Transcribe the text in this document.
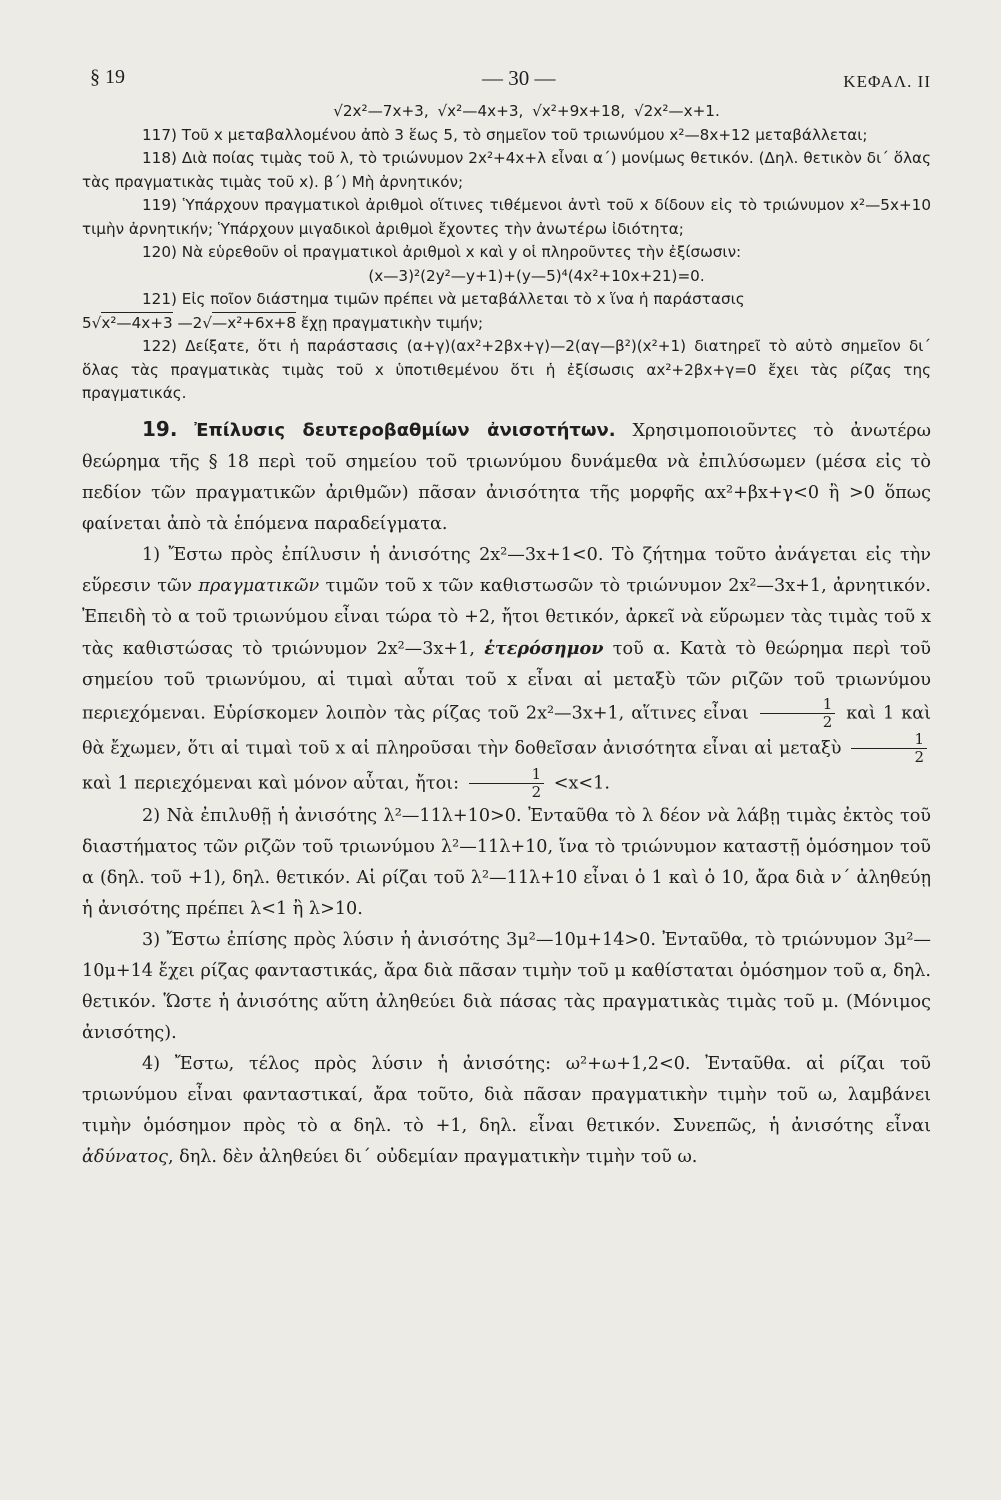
§ 19	— 30 —	ΚΕΦΑΛ. II

√2x²—7x+3, √x²—4x+3, √x²+9x+18, √2x²—x+1.

117) Τοῦ x μεταβαλλομένου ἀπὸ 3 ἕως 5, τὸ σημεῖον τοῦ τριωνύμου x²—8x+12 μεταβάλλεται;

118) Διὰ ποίας τιμὰς τοῦ λ, τὸ τριώνυμον 2x²+4x+λ εἶναι α΄) μονίμως θετικόν. (Δηλ. θετικὸν δι΄ ὅλας τὰς πραγματικὰς τιμὰς τοῦ x). β΄) Μὴ ἀρνητικόν;

119) Ὑπάρχουν πραγματικοὶ ἀριθμοὶ οἵτινες τιθέμενοι ἀντὶ τοῦ x δίδουν εἰς τὸ τριώνυμον x²—5x+10 τιμὴν ἀρνητικήν; Ὑπάρχουν μιγαδικοὶ ἀριθμοὶ ἔχοντες τὴν ἀνωτέρω ἰδιότητα;

120) Νὰ εὑρεθοῦν οἱ πραγματικοὶ ἀριθμοὶ x καὶ y οἱ πληροῦντες τὴν ἐξίσωσιν:

(x—3)²(2y²—y+1)+(y—5)⁴(4x²+10x+21)=0.

121) Εἰς ποῖον διάστημα τιμῶν πρέπει νὰ μεταβάλλεται τὸ x ἵνα ἡ παράστασις

5√x²—4x+3 —2√—x²+6x+8 ἔχῃ πραγματικὴν τιμήν;

122) Δείξατε, ὅτι ἡ παράστασις (α+γ)(αx²+2βx+γ)—2(αγ—β²)(x²+1) διατηρεῖ τὸ αὐτὸ σημεῖον δι΄ ὅλας τὰς πραγματικὰς τιμὰς τοῦ x ὑποτιθεμένου ὅτι ἡ ἐξίσωσις αx²+2βx+γ=0 ἔχει τὰς ρίζας της πραγματικάς.

19. Ἐπίλυσις δευτεροβαθμίων ἀνισοτήτων. Χρησιμοποιοῦντες τὸ ἀνωτέρω θεώρημα τῆς § 18 περὶ τοῦ σημείου τοῦ τριωνύμου δυνάμεθα νὰ ἐπιλύσωμεν (μέσα εἰς τὸ πεδίον τῶν πραγματικῶν ἀριθμῶν) πᾶσαν ἀνισότητα τῆς μορφῆς αx²+βx+γ<0 ἢ >0 ὅπως φαίνεται ἀπὸ τὰ ἑπόμενα παραδείγματα.

1) Ἔστω πρὸς ἐπίλυσιν ἡ ἀνισότης 2x²—3x+1<0. Τὸ ζήτημα τοῦτο ἀνάγεται εἰς τὴν εὕρεσιν τῶν πραγματικῶν τιμῶν τοῦ x τῶν καθιστωσῶν τὸ τριώνυμον 2x²—3x+1, ἀρνητικόν. Ἐπειδὴ τὸ α τοῦ τριωνύμου εἶναι τώρα τὸ +2, ἤτοι θετικόν, ἀρκεῖ νὰ εὕρωμεν τὰς τιμὰς τοῦ x τὰς καθιστώσας τὸ τριώνυμον 2x²—3x+1, ἑτερόσημον τοῦ α. Κατὰ τὸ θεώρημα περὶ τοῦ σημείου τοῦ τριωνύμου, αἱ τιμαὶ αὗται τοῦ x εἶναι αἱ μεταξὺ τῶν ριζῶν τοῦ τριωνύμου περιεχόμεναι. Εὑρίσκομεν λοιπὸν τὰς ρίζας τοῦ 2x²—3x+1, αἵτινες εἶναι $\frac{1}{2}$ καὶ 1 καὶ θὰ ἔχωμεν, ὅτι αἱ τιμαὶ τοῦ x αἱ πληροῦσαι τὴν δοθεῖσαν ἀνισότητα εἶναι αἱ μεταξὺ $\frac{1}{2}$
καὶ 1 περιεχόμεναι καὶ μόνον αὗται, ἤτοι: $\frac{1}{2} <x<1$.

2) Νὰ ἐπιλυθῇ ἡ ἀνισότης λ²—11λ+10>0. Ἐνταῦθα τὸ λ δέον νὰ λάβῃ τιμὰς ἐκτὸς τοῦ διαστήματος τῶν ριζῶν τοῦ τριωνύμου λ²—11λ+10, ἵνα τὸ τριώνυμον καταστῇ ὁμόσημον τοῦ α (δηλ. τοῦ +1), δηλ. θετικόν. Αἱ ρίζαι τοῦ λ²—11λ+10 εἶναι ὁ 1 καὶ ὁ 10, ἄρα διὰ ν΄ ἀληθεύῃ ἡ ἀνισότης πρέπει λ<1 ἢ λ>10.

3) Ἔστω ἐπίσης πρὸς λύσιν ἡ ἀνισότης 3μ²—10μ+14>0. Ἐνταῦθα, τὸ τριώνυμον 3μ²—10μ+14 ἔχει ρίζας φανταστικάς, ἄρα διὰ πᾶσαν τιμὴν τοῦ μ καθίσταται ὁμόσημον τοῦ α, δηλ. θετικόν. Ὥστε ἡ ἀνισότης αὕτη ἀληθεύει διὰ πάσας τὰς πραγματικὰς τιμὰς τοῦ μ. (Μόνιμος ἀνισότης).

4) Ἔστω, τέλος πρὸς λύσιν ἡ ἀνισότης: ω²+ω+1,2<0. Ἐνταῦθα. αἱ ρίζαι τοῦ τριωνύμου εἶναι φανταστικαί, ἄρα τοῦτο, διὰ πᾶσαν πραγματικὴν τιμὴν τοῦ ω, λαμβάνει τιμὴν ὁμόσημον πρὸς τὸ α δηλ. τὸ +1, δηλ. εἶναι θετικόν. Συνεπῶς, ἡ ἀνισότης εἶναι ἀδύνατος, δηλ. δὲν ἀληθεύει δι΄ οὐδεμίαν πραγματικὴν τιμὴν τοῦ ω.
